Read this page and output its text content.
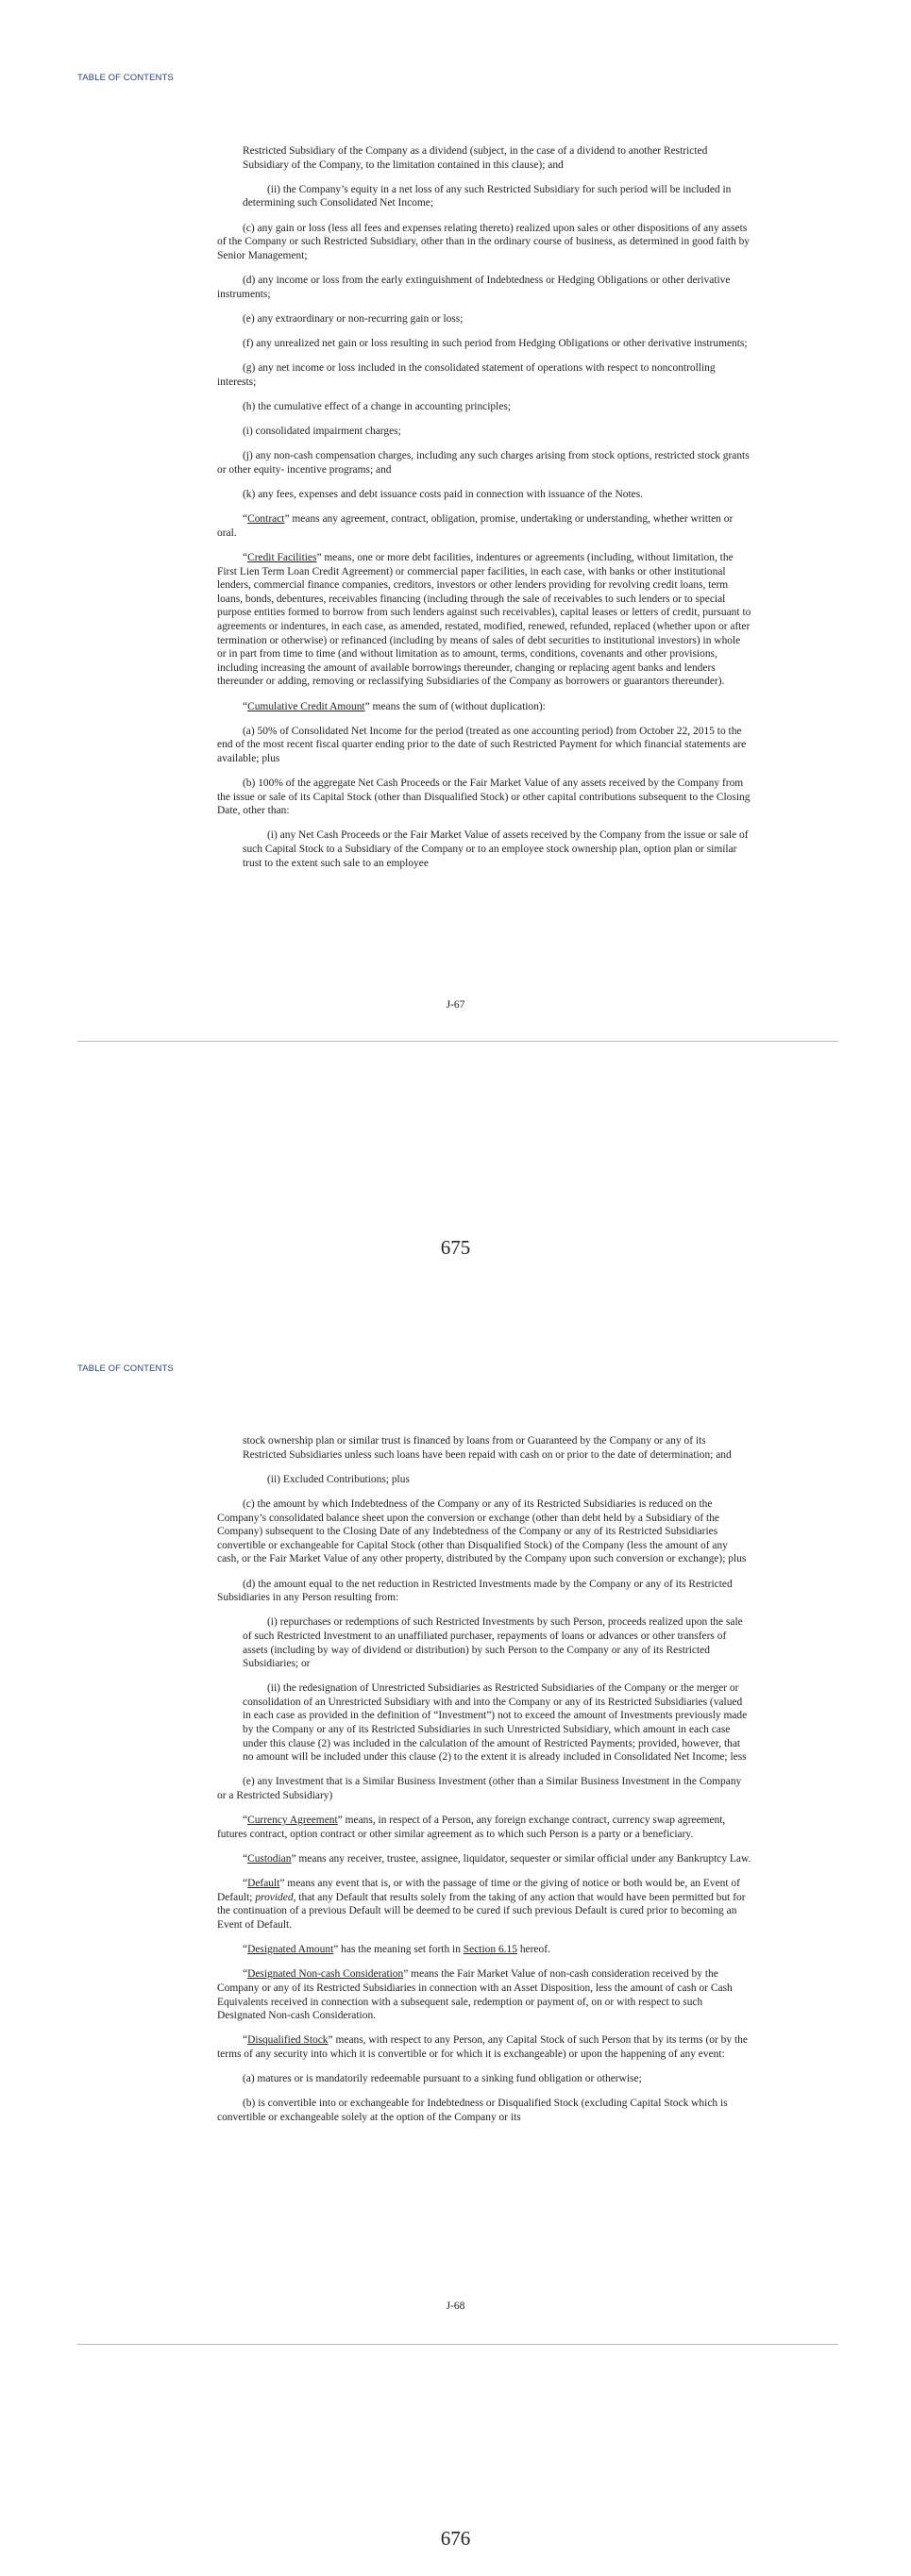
TABLE OF CONTENTS

Restricted Subsidiary of the Company as a dividend (subject, in the case of a dividend to another Restricted Subsidiary of the Company, to the limitation contained in this clause); and

(ii) the Company’s equity in a net loss of any such Restricted Subsidiary for such period will be included in determining such Consolidated Net Income;

(c) any gain or loss (less all fees and expenses relating thereto) realized upon sales or other dispositions of any assets of the Company or such Restricted Subsidiary, other than in the ordinary course of business, as determined in good faith by Senior Management;

(d) any income or loss from the early extinguishment of Indebtedness or Hedging Obligations or other derivative instruments;

(e) any extraordinary or non-recurring gain or loss;

(f) any unrealized net gain or loss resulting in such period from Hedging Obligations or other derivative instruments;

(g) any net income or loss included in the consolidated statement of operations with respect to noncontrolling interests;

(h) the cumulative effect of a change in accounting principles;

(i) consolidated impairment charges;

(j) any non-cash compensation charges, including any such charges arising from stock options, restricted stock grants or other equity- incentive programs; and

(k) any fees, expenses and debt issuance costs paid in connection with issuance of the Notes.

“Contract” means any agreement, contract, obligation, promise, undertaking or understanding, whether written or oral.

“Credit Facilities” means, one or more debt facilities, indentures or agreements (including, without limitation, the First Lien Term Loan Credit Agreement) or commercial paper facilities, in each case, with banks or other institutional lenders, commercial finance companies, creditors, investors or other lenders providing for revolving credit loans, term loans, bonds, debentures, receivables financing (including through the sale of receivables to such lenders or to special purpose entities formed to borrow from such lenders against such receivables), capital leases or letters of credit, pursuant to agreements or indentures, in each case, as amended, restated, modified, renewed, refunded, replaced (whether upon or after termination or otherwise) or refinanced (including by means of sales of debt securities to institutional investors) in whole or in part from time to time (and without limitation as to amount, terms, conditions, covenants and other provisions, including increasing the amount of available borrowings thereunder, changing or replacing agent banks and lenders thereunder or adding, removing or reclassifying Subsidiaries of the Company as borrowers or guarantors thereunder).

“Cumulative Credit Amount” means the sum of (without duplication):

(a) 50% of Consolidated Net Income for the period (treated as one accounting period) from October 22, 2015 to the end of the most recent fiscal quarter ending prior to the date of such Restricted Payment for which financial statements are available; plus

(b) 100% of the aggregate Net Cash Proceeds or the Fair Market Value of any assets received by the Company from the issue or sale of its Capital Stock (other than Disqualified Stock) or other capital contributions subsequent to the Closing Date, other than:

(i) any Net Cash Proceeds or the Fair Market Value of assets received by the Company from the issue or sale of such Capital Stock to a Subsidiary of the Company or to an employee stock ownership plan, option plan or similar trust to the extent such sale to an employee

J-67
675
TABLE OF CONTENTS

stock ownership plan or similar trust is financed by loans from or Guaranteed by the Company or any of its Restricted Subsidiaries unless such loans have been repaid with cash on or prior to the date of determination; and

(ii) Excluded Contributions; plus

(c) the amount by which Indebtedness of the Company or any of its Restricted Subsidiaries is reduced on the Company’s consolidated balance sheet upon the conversion or exchange (other than debt held by a Subsidiary of the Company) subsequent to the Closing Date of any Indebtedness of the Company or any of its Restricted Subsidiaries convertible or exchangeable for Capital Stock (other than Disqualified Stock) of the Company (less the amount of any cash, or the Fair Market Value of any other property, distributed by the Company upon such conversion or exchange); plus

(d) the amount equal to the net reduction in Restricted Investments made by the Company or any of its Restricted Subsidiaries in any Person resulting from:

(i) repurchases or redemptions of such Restricted Investments by such Person, proceeds realized upon the sale of such Restricted Investment to an unaffiliated purchaser, repayments of loans or advances or other transfers of assets (including by way of dividend or distribution) by such Person to the Company or any of its Restricted Subsidiaries; or

(ii) the redesignation of Unrestricted Subsidiaries as Restricted Subsidiaries of the Company or the merger or consolidation of an Unrestricted Subsidiary with and into the Company or any of its Restricted Subsidiaries (valued in each case as provided in the definition of “Investment”) not to exceed the amount of Investments previously made by the Company or any of its Restricted Subsidiaries in such Unrestricted Subsidiary, which amount in each case under this clause (2) was included in the calculation of the amount of Restricted Payments; provided, however, that no amount will be included under this clause (2) to the extent it is already included in Consolidated Net Income; less

(e) any Investment that is a Similar Business Investment (other than a Similar Business Investment in the Company or a Restricted Subsidiary)

“Currency Agreement” means, in respect of a Person, any foreign exchange contract, currency swap agreement, futures contract, option contract or other similar agreement as to which such Person is a party or a beneficiary.

“Custodian” means any receiver, trustee, assignee, liquidator, sequester or similar official under any Bankruptcy Law.

“Default” means any event that is, or with the passage of time or the giving of notice or both would be, an Event of Default; provided, that any Default that results solely from the taking of any action that would have been permitted but for the continuation of a previous Default will be deemed to be cured if such previous Default is cured prior to becoming an Event of Default.

“Designated Amount” has the meaning set forth in Section 6.15 hereof.

“Designated Non-cash Consideration” means the Fair Market Value of non-cash consideration received by the Company or any of its Restricted Subsidiaries in connection with an Asset Disposition, less the amount of cash or Cash Equivalents received in connection with a subsequent sale, redemption or payment of, on or with respect to such Designated Non-cash Consideration.

“Disqualified Stock” means, with respect to any Person, any Capital Stock of such Person that by its terms (or by the terms of any security into which it is convertible or for which it is exchangeable) or upon the happening of any event:

(a) matures or is mandatorily redeemable pursuant to a sinking fund obligation or otherwise;

(b) is convertible into or exchangeable for Indebtedness or Disqualified Stock (excluding Capital Stock which is convertible or exchangeable solely at the option of the Company or its

J-68
676
